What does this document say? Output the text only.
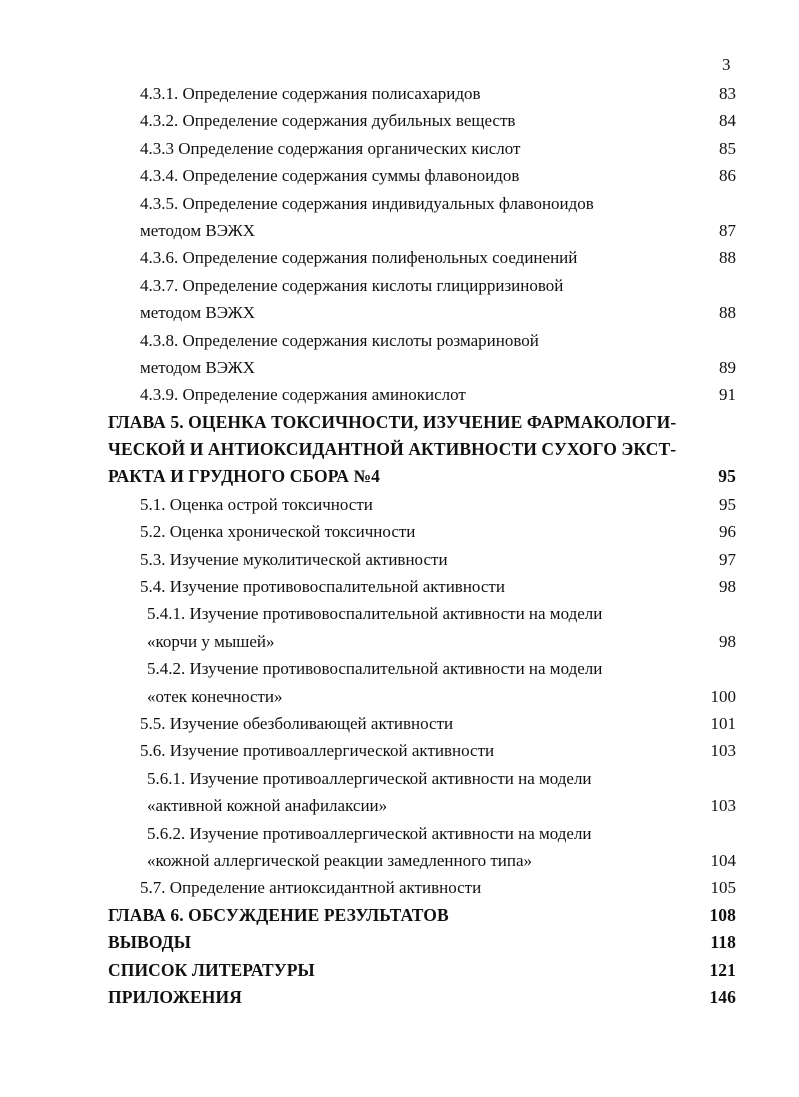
3
4.3.1. Определение содержания полисахаридов	83
4.3.2. Определение содержания дубильных веществ	84
4.3.3 Определение содержания органических кислот	85
4.3.4. Определение содержания суммы флавоноидов	86
4.3.5. Определение содержания индивидуальных флавоноидов
методом ВЭЖХ	87
4.3.6. Определение содержания полифенольных соединений	88
4.3.7. Определение содержания кислоты глицирризиновой
методом ВЭЖХ	88
4.3.8. Определение содержания кислоты розмариновой
методом ВЭЖХ	89
4.3.9. Определение содержания аминокислот	91
ГЛАВА 5. ОЦЕНКА ТОКСИЧНОСТИ, ИЗУЧЕНИЕ ФАРМАКОЛОГИ-
ЧЕСКОЙ И АНТИОКСИДАНТНОЙ АКТИВНОСТИ СУХОГО ЭКСТ-
РАКТА И ГРУДНОГО СБОРА №4	95
5.1. Оценка острой токсичности	95
5.2. Оценка хронической токсичности	96
5.3. Изучение муколитической активности	97
5.4. Изучение противовоспалительной активности	98
5.4.1. Изучение противовоспалительной активности на модели
«корчи у мышей»	98
5.4.2. Изучение противовоспалительной активности на модели
«отек конечности»	100
5.5. Изучение обезболивающей активности	101
5.6. Изучение противоаллергической активности	103
5.6.1. Изучение противоаллергической активности на модели
«активной кожной анафилаксии»	103
5.6.2. Изучение противоаллергической активности на модели
«кожной аллергической реакции замедленного типа»	104
5.7. Определение антиоксидантной активности	105
ГЛАВА 6. ОБСУЖДЕНИЕ РЕЗУЛЬТАТОВ	108
ВЫВОДЫ	118
СПИСОК ЛИТЕРАТУРЫ	121
ПРИЛОЖЕНИЯ	146
